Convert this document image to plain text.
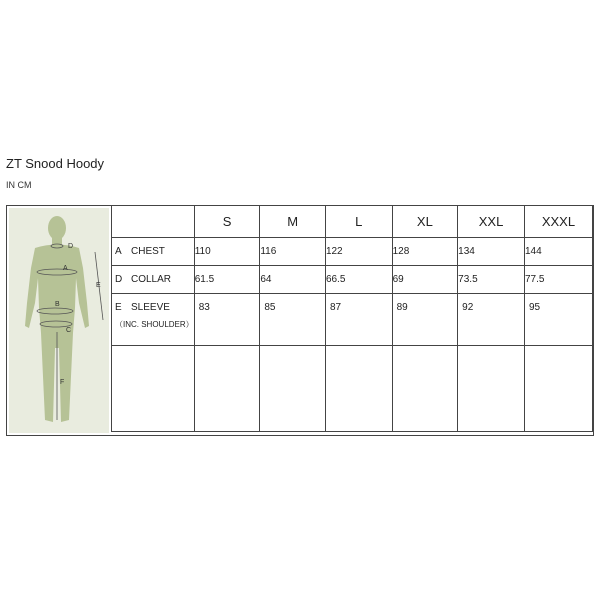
ZT Snood Hoody
IN CM
D
A
E
B
C
F
	S	M	L	XL	XXL	XXXL
A CHEST	110	116	122	128	134	144
D COLLAR	61.5	64	66.5	69	73.5	77.5

E SLEEVE
（INC. SHOULDER）	83	85	87	89	92	95
